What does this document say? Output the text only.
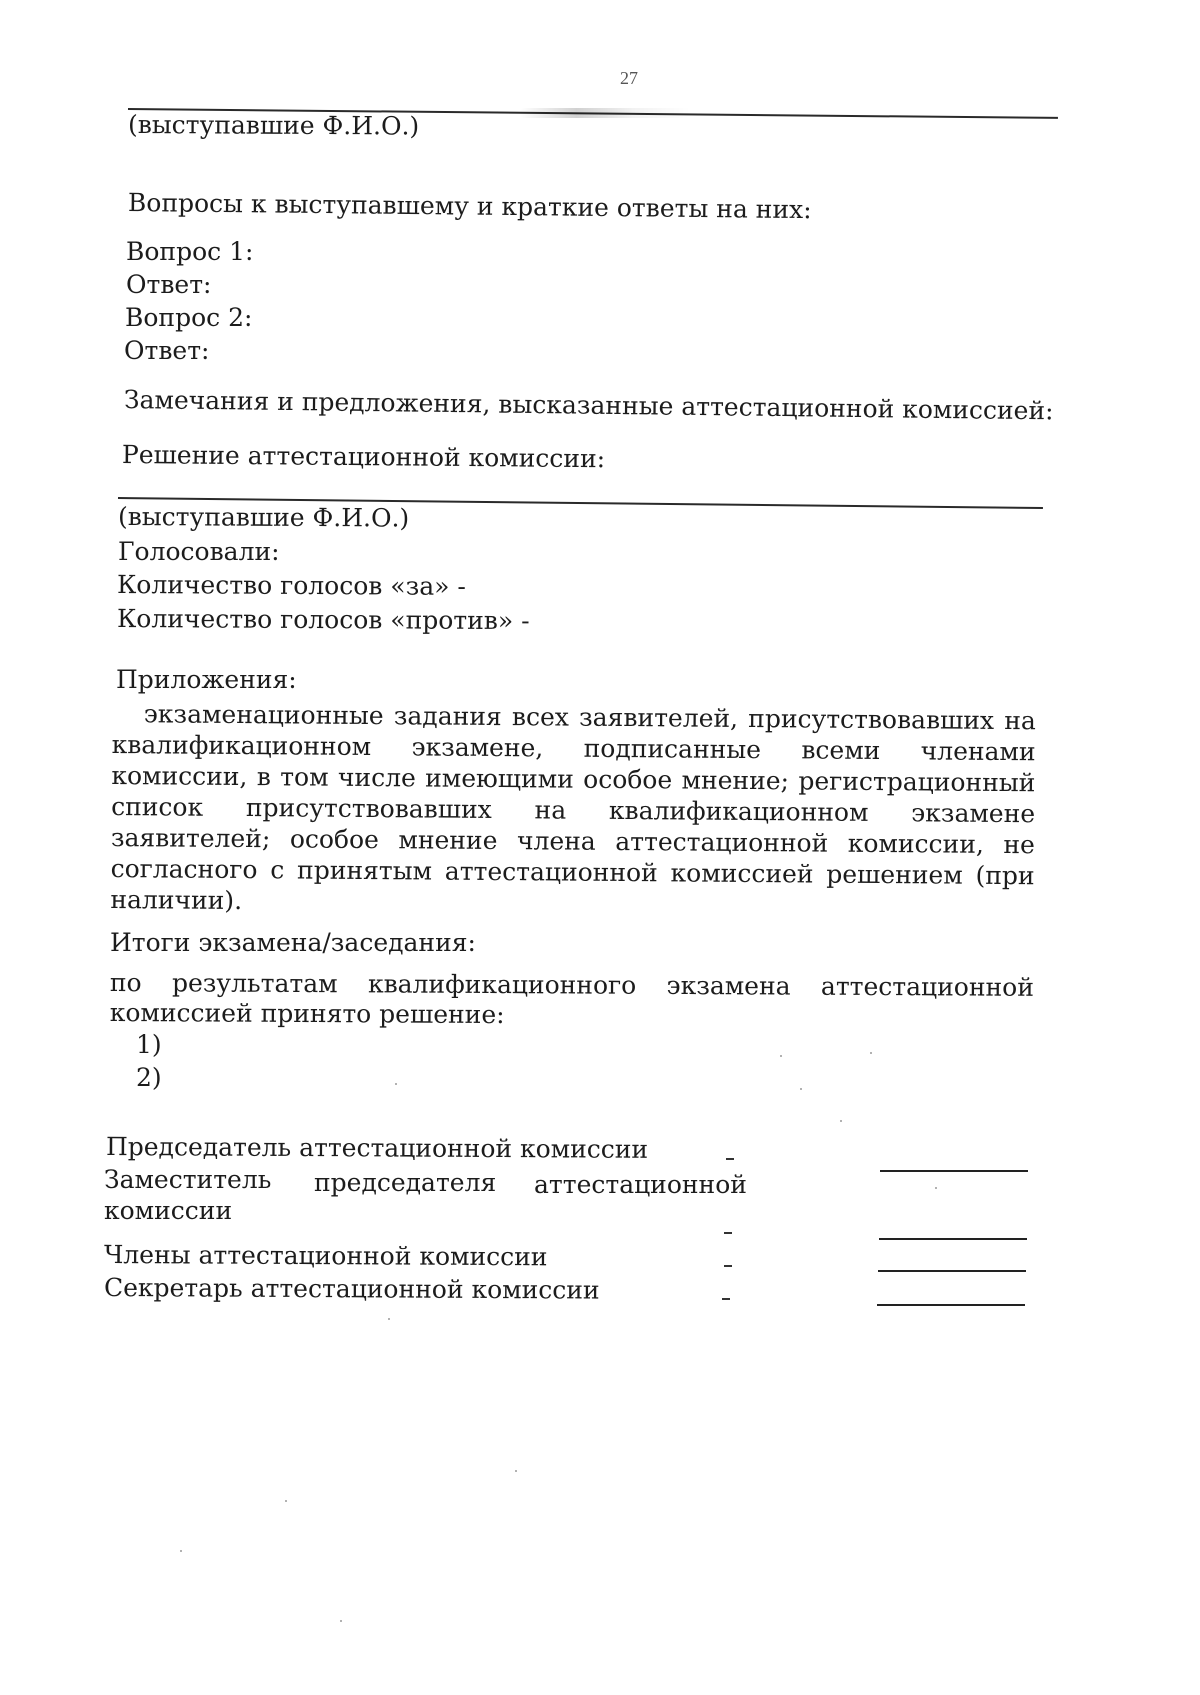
27
(выступавшие Ф.И.О.)
Вопросы к выступавшему и краткие ответы на них:
Вопрос 1:
Ответ:
Вопрос 2:
Ответ:
Замечания и предложения, высказанные аттестационной комиссией:
Решение аттестационной комиссии:
(выступавшие Ф.И.О.)
Голосовали:
Количество голосов «за» -
Количество голосов «против» -
Приложения:
экзаменационные задания всех заявителей, присутствовавших на квалификационном экзамене, подписанные всеми членами комиссии, в том числе имеющими особое мнение; регистрационный список присутствовавших на квалификационном экзамене заявителей; особое мнение члена аттестационной комиссии, не согласного с принятым аттестационной комиссией решением (при наличии).
Итоги экзамена/заседания:
по результатам квалификационного экзамена аттестационной комиссией принято решение:
1)
2)
Председатель аттестационной комиссии
Заместитель председателя аттестационной
комиссии
Члены аттестационной комиссии
Секретарь аттестационной комиссии
